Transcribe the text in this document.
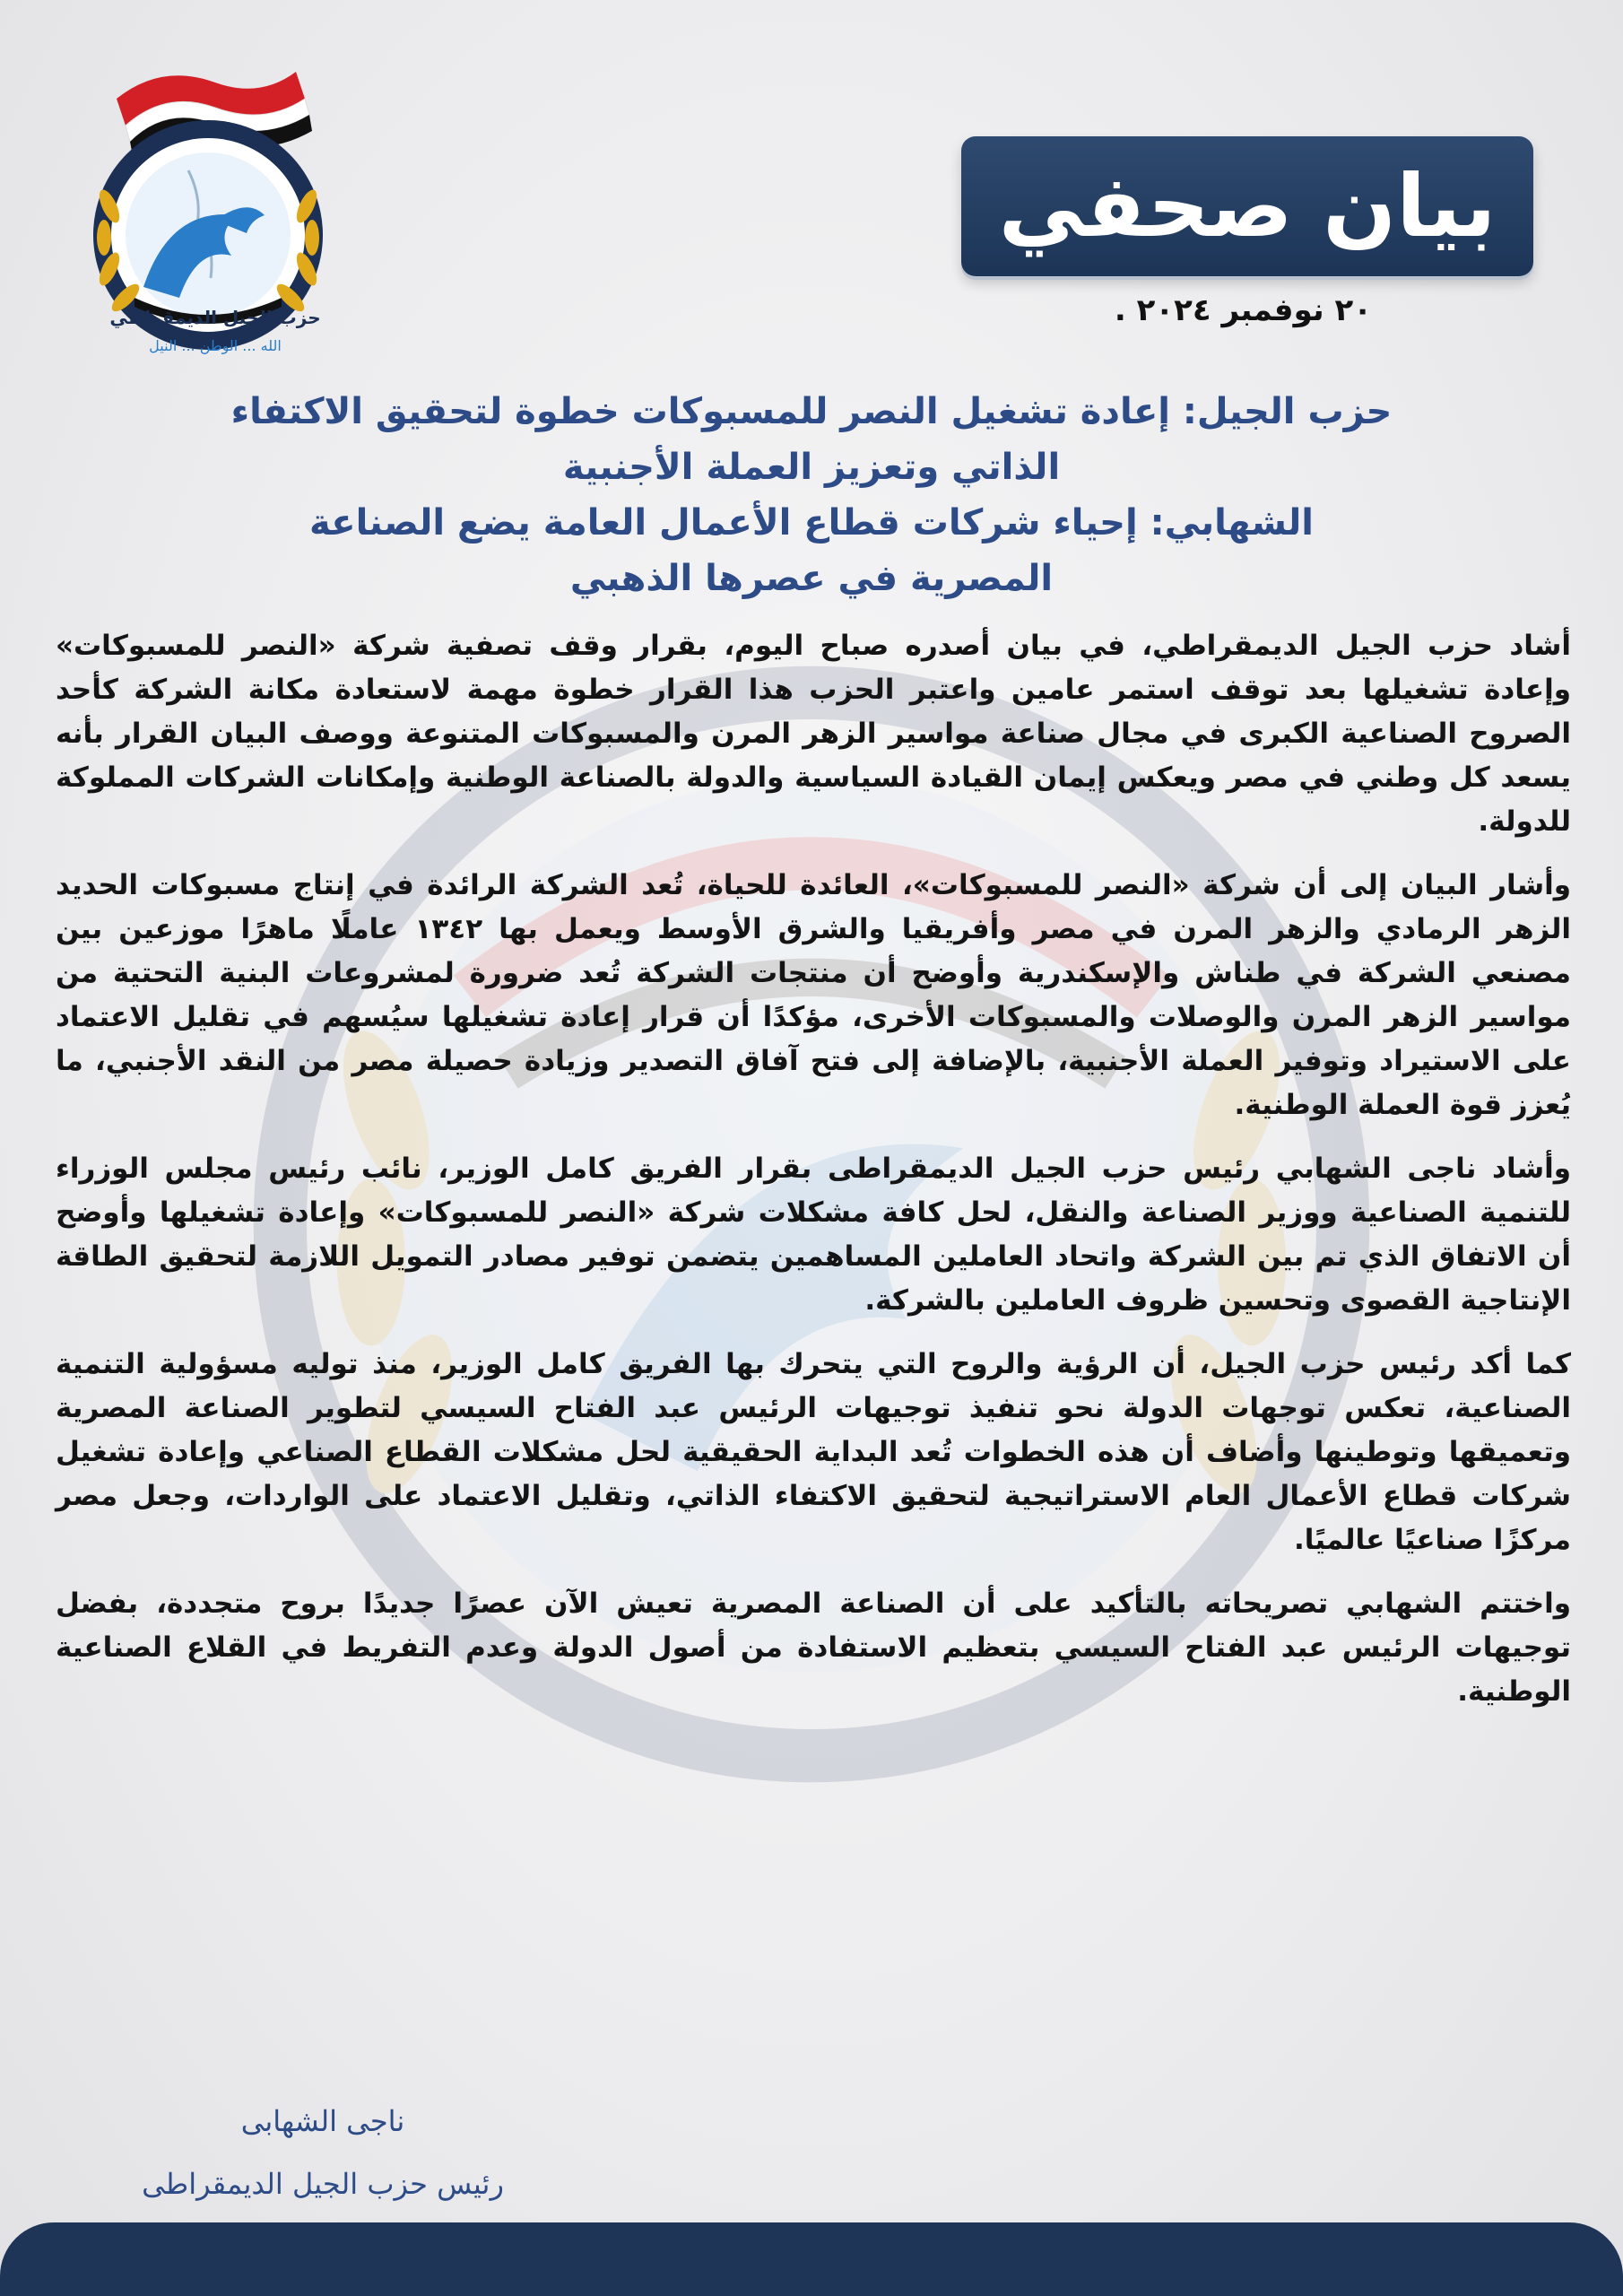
حزب الجيل الديمقراطي
الله ... الوطن ... النيل
بيان صحفي
٢٠ نوفمبر ٢٠٢٤ .
حزب الجيل: إعادة تشغيل النصر للمسبوكات خطوة لتحقيق الاكتفاء
الذاتي وتعزيز العملة الأجنبية
الشهابي: إحياء شركات قطاع الأعمال العامة يضع الصناعة
المصرية في عصرها الذهبي

أشاد حزب الجيل الديمقراطي، في بيان أصدره صباح اليوم، بقرار وقف تصفية شركة «النصر للمسبوكات» وإعادة تشغيلها بعد توقف استمر عامين واعتبر الحزب هذا القرار خطوة مهمة لاستعادة مكانة الشركة كأحد الصروح الصناعية الكبرى في مجال صناعة مواسير الزهر المرن والمسبوكات المتنوعة ووصف البيان القرار بأنه يسعد كل وطني في مصر ويعكس إيمان القيادة السياسية والدولة بالصناعة الوطنية وإمكانات الشركات المملوكة للدولة.

وأشار البيان إلى أن شركة «النصر للمسبوكات»، العائدة للحياة، تُعد الشركة الرائدة في إنتاج مسبوكات الحديد الزهر الرمادي والزهر المرن في مصر وأفريقيا والشرق الأوسط ويعمل بها ١٣٤٢ عاملًا ماهرًا موزعين بين مصنعي الشركة في طناش والإسكندرية وأوضح أن منتجات الشركة تُعد ضرورة لمشروعات البنية التحتية من مواسير الزهر المرن والوصلات والمسبوكات الأخرى، مؤكدًا أن قرار إعادة تشغيلها سيُسهم في تقليل الاعتماد على الاستيراد وتوفير العملة الأجنبية، بالإضافة إلى فتح آفاق التصدير وزيادة حصيلة مصر من النقد الأجنبي، ما يُعزز قوة العملة الوطنية.

وأشاد ناجى الشهابي رئيس حزب الجيل الديمقراطى بقرار الفريق كامل الوزير، نائب رئيس مجلس الوزراء للتنمية الصناعية ووزير الصناعة والنقل، لحل كافة مشكلات شركة «النصر للمسبوكات» وإعادة تشغيلها وأوضح أن الاتفاق الذي تم بين الشركة واتحاد العاملين المساهمين يتضمن توفير مصادر التمويل اللازمة لتحقيق الطاقة الإنتاجية القصوى وتحسين ظروف العاملين بالشركة.

كما أكد رئيس حزب الجيل، أن الرؤية والروح التي يتحرك بها الفريق كامل الوزير، منذ توليه مسؤولية التنمية الصناعية، تعكس توجهات الدولة نحو تنفيذ توجيهات الرئيس عبد الفتاح السيسي لتطوير الصناعة المصرية وتعميقها وتوطينها وأضاف أن هذه الخطوات تُعد البداية الحقيقية لحل مشكلات القطاع الصناعي وإعادة تشغيل شركات قطاع الأعمال العام الاستراتيجية لتحقيق الاكتفاء الذاتي، وتقليل الاعتماد على الواردات، وجعل مصر مركزًا صناعيًا عالميًا.

واختتم الشهابي تصريحاته بالتأكيد على أن الصناعة المصرية تعيش الآن عصرًا جديدًا بروح متجددة، بفضل توجيهات الرئيس عبد الفتاح السيسي بتعظيم الاستفادة من أصول الدولة وعدم التفريط في القلاع الصناعية الوطنية.

ناجى الشهابى
رئيس حزب الجيل الديمقراطى
